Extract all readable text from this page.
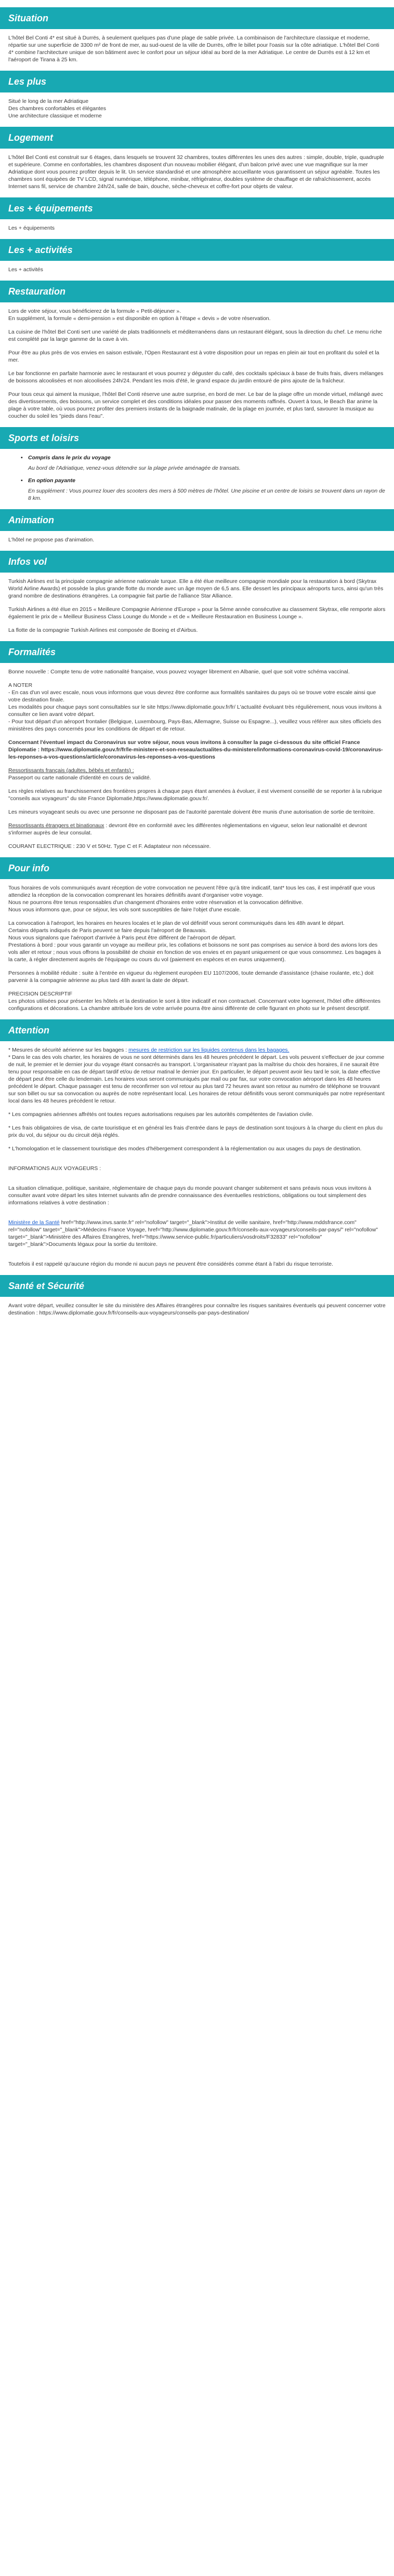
Situation

L'hôtel Bel Conti 4* est situé à Durrës, à seulement quelques pas d'une plage de sable privée. La combinaison de l'architecture classique et moderne, répartie sur une superficie de 3300 m² de front de mer, au sud-ouest de la ville de Durrës, offre le billet pour l'oasis sur la côte adriatique. L'hôtel Bel Conti 4* combine l'architecture unique de son bâtiment avec le confort pour un séjour idéal au bord de la mer Adriatique. Le centre de Durrës est à 12 km et l'aéroport de Tirana à 25 km.

Les plus
Situé le long de la mer Adriatique
Des chambres confortables et élégantes
Une architecture classique et moderne
Logement

L'hôtel Bel Conti est construit sur 6 étages, dans lesquels se trouvent 32 chambres, toutes différentes les unes des autres : simple, double, triple, quadruple et supérieure. Comme en confortables, les chambres disposent d'un nouveau mobilier élégant, d'un balcon privé avec une vue magnifique sur la mer Adriatique dont vous pourrez profiter depuis le lit. Un service standardisé et une atmosphère accueillante vous garantissent un séjour agréable. Toutes les chambres sont équipées de TV LCD, signal numérique, téléphone, minibar, réfrigérateur, doubles système de chauffage et de rafraîchissement, accès Internet sans fil, service de chambre 24h/24, salle de bain, douche, sèche-cheveux et coffre-fort pour objets de valeur.

Les + équipements

Les + équipements

Les + activités

Les + activités

Restauration
Lors de votre séjour, vous bénéficierez de la formule « Petit-déjeuner ».

En supplément, la formule « demi-pension » est disponible en option à l'étape « devis » de votre réservation.

La cuisine de l'hôtel Bel Conti sert une variété de plats traditionnels et méditerranéens dans un restaurant élégant, sous la direction du chef. Le menu riche est complété par la large gamme de la cave à vin.

Pour être au plus près de vos envies en saison estivale, l'Open Restaurant est à votre disposition pour un repas en plein air tout en profitant du soleil et la mer.

Le bar fonctionne en parfaite harmonie avec le restaurant et vous pourrez y déguster du café, des cocktails spéciaux à base de fruits frais, divers mélanges de boissons alcoolisées et non alcoolisées 24h/24. Pendant les mois d'été, le grand espace du jardin entouré de pins ajoute de la fraîcheur.

Pour tous ceux qui aiment la musique, l'hôtel Bel Conti réserve une autre surprise, en bord de mer. Le bar de la plage offre un monde virtuel, mélangé avec des divertissements, des boissons, un service complet et des conditions idéales pour passer des moments raffinés. Ouvert à tous, le Beach Bar anime la plage à votre table, où vous pourrez profiter des premiers instants de la baignade matinale, de la plage en journée, et plus tard, savourer la musique au coucher du soleil les "pieds dans l'eau".

Sports et loisirs
• Compris dans le prix du voyage

Au bord de l'Adriatique, venez-vous détendre sur la plage privée aménagée de transats.

• En option payante

En supplément : Vous pourrez louer des scooters des mers à 500 mètres de l'hôtel. Une piscine et un centre de loisirs se trouvent dans un rayon de 8 km.

Animation

L'hôtel ne propose pas d'animation.

Infos vol

Turkish Airlines est la principale compagnie aérienne nationale turque. Elle a été élue meilleure compagnie mondiale pour la restauration à bord (Skytrax World Airline Awards) et possède la plus grande flotte du monde avec un âge moyen de 6,5 ans. Elle dessert les principaux aéroports turcs, ainsi qu'un très grand nombre de destinations étrangères. La compagnie fait partie de l'alliance Star Alliance.

Turkish Airlines a été élue en 2015 « Meilleure Compagnie Aérienne d'Europe » pour la 5ème année consécutive au classement Skytrax, elle remporte alors également le prix de « Meilleur Business Class Lounge du Monde » et de « Meilleure Restauration en Business Lounge ».

La flotte de la compagnie Turkish Airlines est composée de Boeing et d'Airbus.

Formalités

Bonne nouvelle : Compte tenu de votre nationalité française, vous pouvez voyager librement en Albanie, quel que soit votre schéma vaccinal.

A NOTER
- En cas d'un vol avec escale, nous vous informons que vous devrez être conforme aux formalités sanitaires du pays où se trouve votre escale ainsi que votre destination finale.
Les modalités pour chaque pays sont consultables sur le site https://www.diplomatie.gouv.fr/fr/ L'actualité évoluant très régulièrement, nous vous invitons à consulter ce lien avant votre départ.

- Pour tout départ d'un aéroport frontalier (Belgique, Luxembourg, Pays-Bas, Allemagne, Suisse ou Espagne...), veuillez vous référer aux sites officiels des ministères des pays concernés pour les conditions de départ et de retour.

Concernant l'éventuel impact du Coronavirus sur votre séjour, nous vous invitons à consulter la page ci-dessous du site officiel France Diplomatie : https://www.diplomatie.gouv.fr/fr/le-ministere-et-son-reseau/actualites-du-ministere/informations-coronavirus-covid-19/coronavirus-les-reponses-a-vos-questions/article/coronavirus-les-reponses-a-vos-questions

Ressortissants français (adultes, bébés et enfants) :

Passeport ou carte nationale d'identité en cours de validité.

Les règles relatives au franchissement des frontières propres à chaque pays étant amenées à évoluer, il est vivement conseillé de se reporter à la rubrique "conseils aux voyageurs" du site France Diplomatie,https://www.diplomatie.gouv.fr/.

Les mineurs voyageant seuls ou avec une personne ne disposant pas de l'autorité parentale doivent être munis d'une autorisation de sortie de territoire.

Ressortissants étrangers et binationaux : devront être en conformité avec les différentes réglementations en vigueur, selon leur nationalité et devront s'informer auprès de leur consulat.

COURANT ELECTRIQUE : 230 V et 50Hz. Type C et F. Adaptateur non nécessaire.

Pour info
Tous horaires de vols communiqués avant réception de votre convocation ne peuvent l'être qu'à titre indicatif, tant* tous les cas, il est impératif que vous attendiez la réception de la convocation comprenant les horaires définitifs avant d'organiser votre voyage.
Nous ne pourrons être tenus responsables d'un changement d'horaires entre votre réservation et la convocation définitive.

Nous vous informons que, pour ce séjour, les vols sont susceptibles de faire l'objet d'une escale.

La convocation à l'aéroport, les horaires en heures locales et le plan de vol définitif vous seront communiqués dans les 48h avant le départ.
Certains départs indiqués de Paris peuvent se faire depuis l'aéroport de Beauvais.
Nous vous signalons que l'aéroport d'arrivée à Paris peut être différent de l'aéroport de départ.

Prestations à bord : pour vous garantir un voyage au meilleur prix, les collations et boissons ne sont pas comprises au service à bord des avions lors des vols aller et retour ; nous vous offrons la possibilité de choisir en fonction de vos envies et en payant uniquement ce que vous consommez. Les bagages à la carte, à régler directement auprès de l'équipage ou cours du vol (paiement en espèces et en euros uniquement).

Personnes à mobilité réduite : suite à l'entrée en vigueur du règlement européen EU 1107/2006, toute demande d'assistance (chaise roulante, etc.) doit parvenir à la compagnie aérienne au plus tard 48h avant la date de départ.

PRECISION DESCRIPTIF

Les photos utilisées pour présenter les hôtels et la destination le sont à titre indicatif et non contractuel. Concernant votre logement, l'hôtel offre différentes configurations et décorations. La chambre attribuée lors de votre arrivée pourra être ainsi différente de celle figurant en photo sur le présent descriptif.

Attention
* Mesures de sécurité aérienne sur les bagages : mesures de restriction sur les liquides contenus dans les bagages.

* Dans le cas des vols charter, les horaires de vous ne sont déterminés dans les 48 heures précédent le départ. Les vols peuvent s'effectuer de jour comme de nuit, le premier et le dernier jour du voyage étant consacrés au transport. L'organisateur n'ayant pas la maîtrise du choix des horaires, il ne saurait être tenu pour responsable en cas de départ tardif et/ou de retour matinal le dernier jour. En particulier, le départ peuvent avoir lieu tard le soir, la date effective de départ peut être celle du lendemain. Les horaires vous seront communiqués par mail ou par fax, sur votre convocation aéroport dans les 48 heures précédent le départ. Chaque passager est tenu de reconfirmer son vol retour au plus tard 72 heures avant son retour au numéro de téléphone se trouvant sur son billet ou sur sa convocation ou auprès de notre représentant local. Les horaires de retour définitifs vous seront communiqués par notre représentant local dans les 48 heures précédent le retour.

* Les compagnies aériennes affrétés ont toutes reçues autorisations requises par les autorités compétentes de l'aviation civile.

* Les frais obligatoires de visa, de carte touristique et en général les frais d'entrée dans le pays de destination sont toujours à la charge du client en plus du prix du vol, du séjour ou du circuit déjà réglés.

* L'homologation et le classement touristique des modes d'hébergement correspondent à la réglementation ou aux usages du pays de destination.

INFORMATIONS AUX VOYAGEURS :

La situation climatique, politique, sanitaire, réglementaire de chaque pays du monde pouvant changer subitement et sans préavis nous vous invitons à consulter avant votre départ les sites Internet suivants afin de prendre connaissance des éventuelles restrictions, obligations ou tout simplement des informations relatives à votre destination :

Ministère de la Santé href="http://www.invs.sante.fr" rel="nofollow" target="_blank">Institut de veille sanitaire, href="http://www.mddsfrance.com" rel="nofollow" target="_blank">Médecins France Voyage, href="http://www.diplomatie.gouv.fr/fr/conseils-aux-voyageurs/conseils-par-pays/" rel="nofollow" target="_blank">Ministère des Affaires Étrangères, href="https://www.service-public.fr/particuliers/vosdroits/F32833" rel="nofollow" target="_blank">Documents légaux pour la sortie du territoire.

Toutefois il est rappelé qu'aucune région du monde ni aucun pays ne peuvent être considérés comme étant à l'abri du risque terroriste.

Santé et Sécurité

Avant votre départ, veuillez consulter le site du ministère des Affaires étrangères pour connaître les risques sanitaires éventuels qui peuvent concerner votre destination : https://www.diplomatie.gouv.fr/fr/conseils-aux-voyageurs/conseils-par-pays-destination/
